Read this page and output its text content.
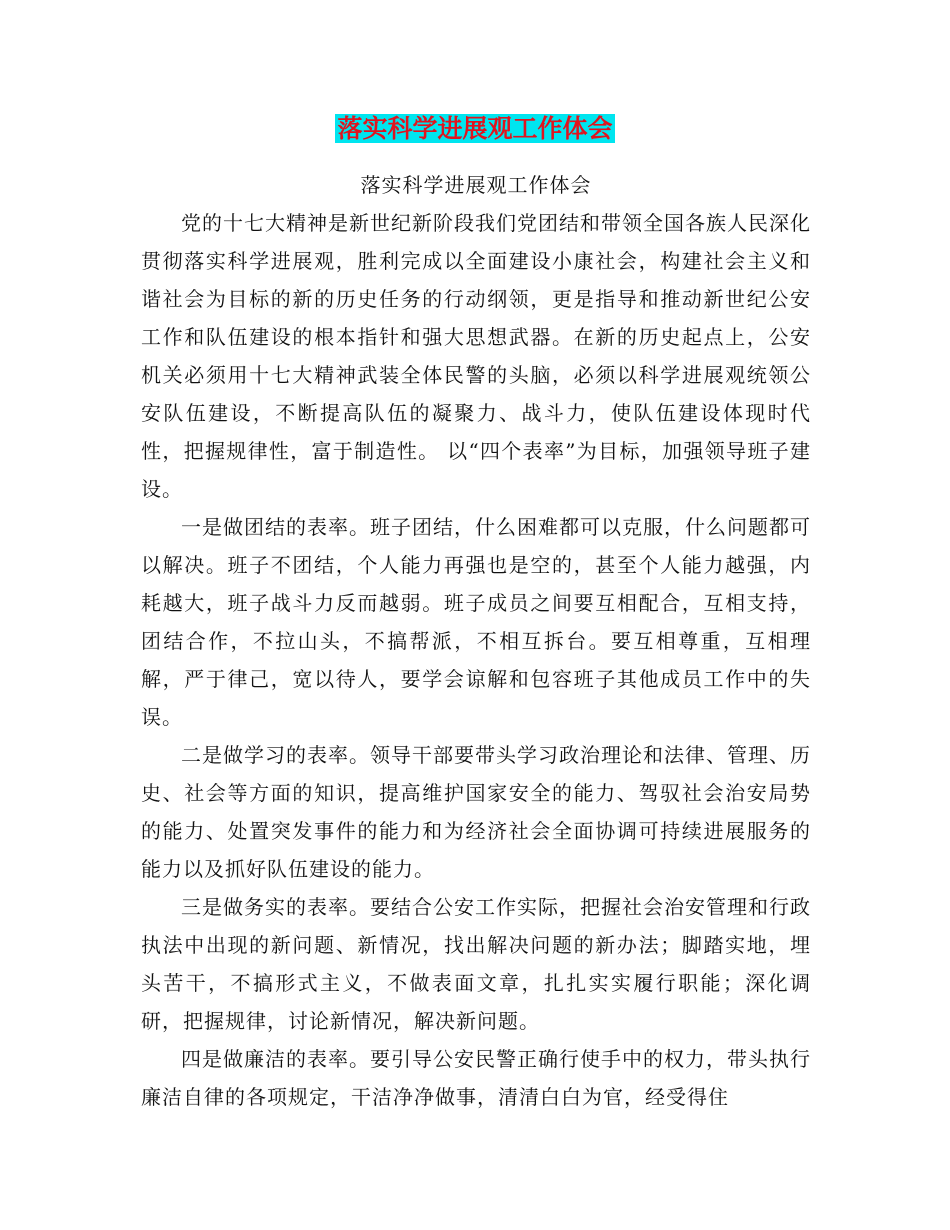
落实科学进展观工作体会

落实科学进展观工作体会

党的十七大精神是新世纪新阶段我们党团结和带领全国各族人民深化贯彻落实科学进展观，胜利完成以全面建设小康社会，构建社会主义和谐社会为目标的新的历史任务的行动纲领，更是指导和推动新世纪公安工作和队伍建设的根本指针和强大思想武器。在新的历史起点上，公安机关必须用十七大精神武装全体民警的头脑，必须以科学进展观统领公安队伍建设，不断提高队伍的凝聚力、战斗力，使队伍建设体现时代性，把握规律性，富于制造性。 以“四个表率”为目标，加强领导班子建设。

一是做团结的表率。班子团结，什么困难都可以克服，什么问题都可以解决。班子不团结，个人能力再强也是空的，甚至个人能力越强，内耗越大，班子战斗力反而越弱。班子成员之间要互相配合，互相支持，团结合作，不拉山头，不搞帮派，不相互拆台。要互相尊重，互相理解，严于律己，宽以待人，要学会谅解和包容班子其他成员工作中的失误。

二是做学习的表率。领导干部要带头学习政治理论和法律、管理、历史、社会等方面的知识，提高维护国家安全的能力、驾驭社会治安局势的能力、处置突发事件的能力和为经济社会全面协调可持续进展服务的能力以及抓好队伍建设的能力。

三是做务实的表率。要结合公安工作实际，把握社会治安管理和行政执法中出现的新问题、新情况，找出解决问题的新办法；脚踏实地，埋头苦干，不搞形式主义，不做表面文章，扎扎实实履行职能；深化调研，把握规律，讨论新情况，解决新问题。

四是做廉洁的表率。要引导公安民警正确行使手中的权力，带头执行廉洁自律的各项规定，干洁净净做事，清清白白为官，经受得住
